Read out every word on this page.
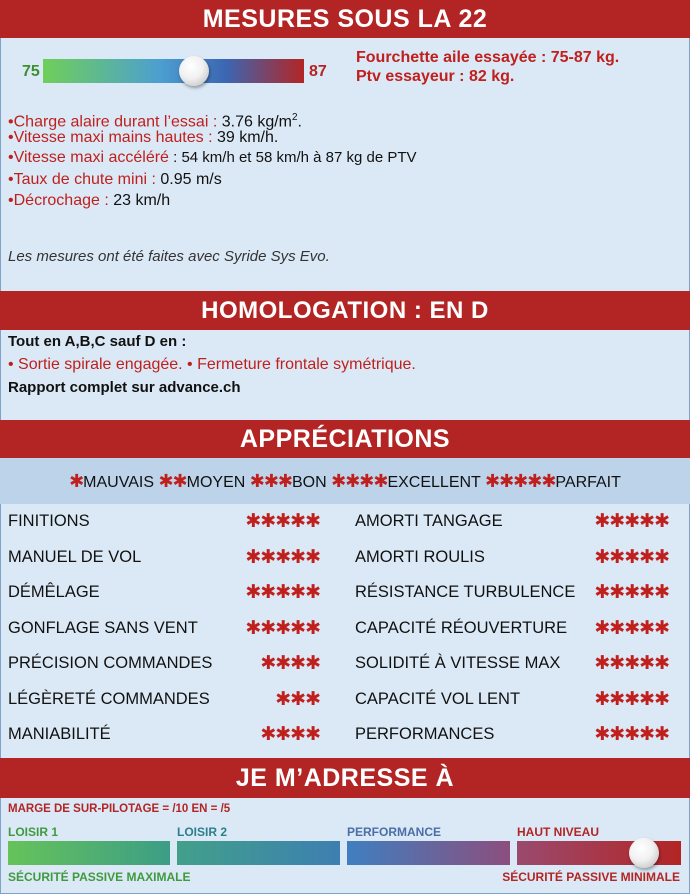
MESURES SOUS LA 22
75	87
Fourchette aile essayée : 75-87 kg.
Ptv essayeur : 82 kg.
•Charge alaire durant l’essai : 3.76 $kg/m^2$.
•Vitesse maxi mains hautes : 39 km/h.
•Vitesse maxi accéléré : 54 km/h et 58 km/h à 87 kg de PTV
•Taux de chute mini : 0.95 m/s
•Décrochage : 23 km/h
Les mesures ont été faites avec Syride Sys Evo.
HOMOLOGATION : EN D
Tout en A,B,C sauf D en :
• Sortie spirale engagée. • Fermeture frontale symétrique.
Rapport complet sur advance.ch
APPRÉCIATIONS
✱MAUVAIS ✱✱MOYEN ✱✱✱BON ✱✱✱✱EXCELLENT ✱✱✱✱✱PARFAIT
FINITIONS	✱✱✱✱✱
MANUEL DE VOL	✱✱✱✱✱
DÉMÊLAGE	✱✱✱✱✱
GONFLAGE SANS VENT	✱✱✱✱✱
PRÉCISION COMMANDES	✱✱✱✱
LÉGÈRETÉ COMMANDES	✱✱✱
MANIABILITÉ	✱✱✱✱
AMORTI TANGAGE	✱✱✱✱✱
AMORTI ROULIS	✱✱✱✱✱
RÉSISTANCE TURBULENCE ✱✱✱✱✱
CAPACITÉ RÉOUVERTURE ✱✱✱✱✱
SOLIDITÉ À VITESSE MAX ✱✱✱✱✱
CAPACITÉ VOL LENT	✱✱✱✱✱
PERFORMANCES	✱✱✱✱✱
JE M’ADRESSE À
MARGE DE SUR-PILOTAGE = /10 EN = /5
LOISIR 1	LOISIR 2	PERFORMANCE	HAUT NIVEAU
SÉCURITÉ PASSIVE MAXIMALE	SÉCURITÉ PASSIVE MINIMALE
